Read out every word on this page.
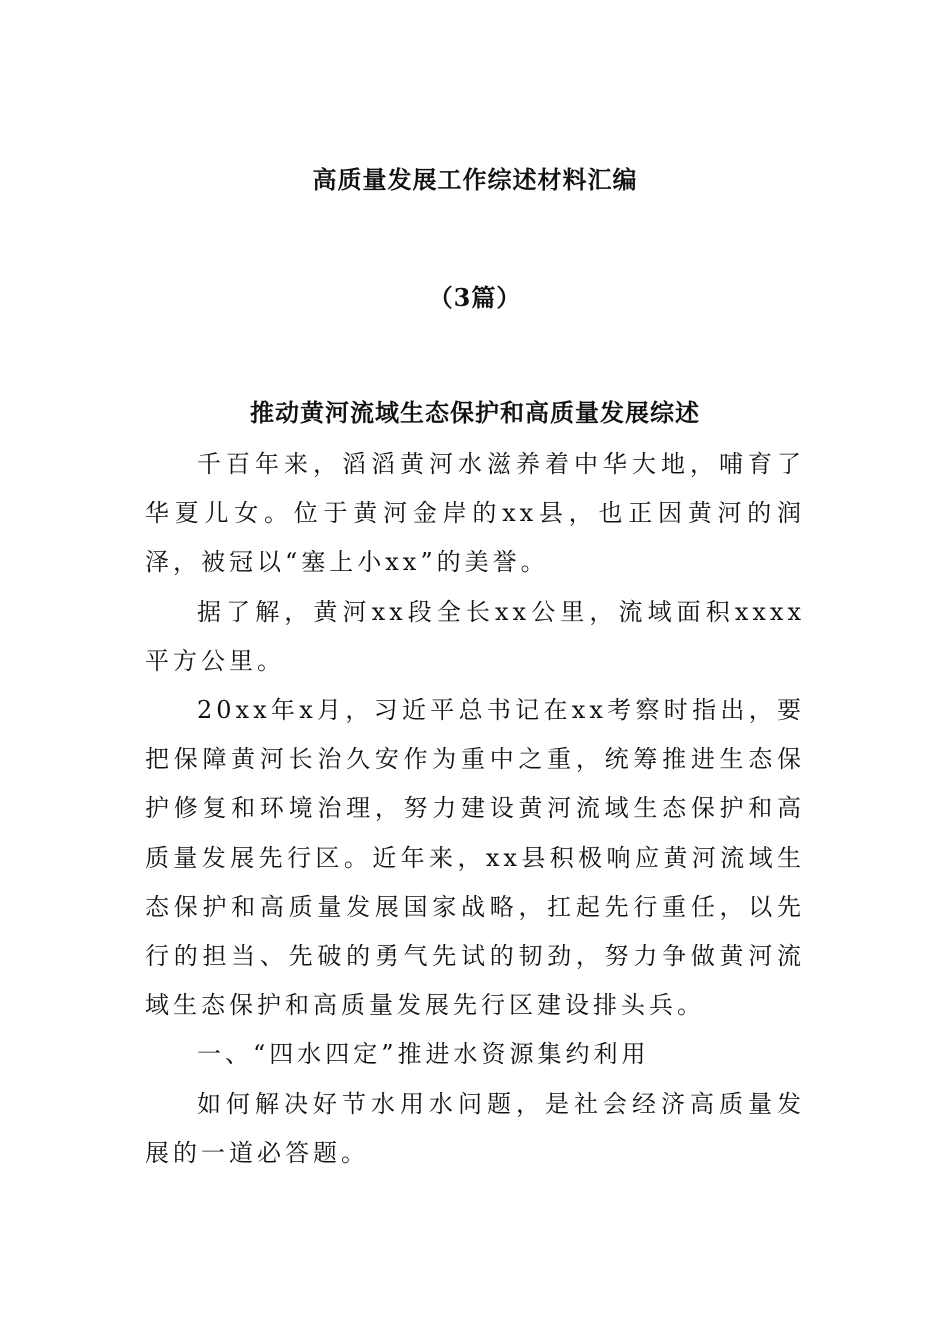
高质量发展工作综述材料汇编
（3篇）
推动黄河流域生态保护和高质量发展综述

千百年来，滔滔黄河水滋养着中华大地，哺育了华夏儿女。位于黄河金岸的xx县，也正因黄河的润泽，被冠以“塞上小xx”的美誉。

据了解，黄河xx段全长xx公里，流域面积xxxx平方公里。

20xx年x月，习近平总书记在xx考察时指出，要把保障黄河长治久安作为重中之重，统筹推进生态保护修复和环境治理，努力建设黄河流域生态保护和高质量发展先行区。近年来，xx县积极响应黄河流域生态保护和高质量发展国家战略，扛起先行重任，以先行的担当、先破的勇气先试的韧劲，努力争做黄河流域生态保护和高质量发展先行区建设排头兵。

一、“四水四定”推进水资源集约利用

如何解决好节水用水问题，是社会经济高质量发展的一道必答题。
